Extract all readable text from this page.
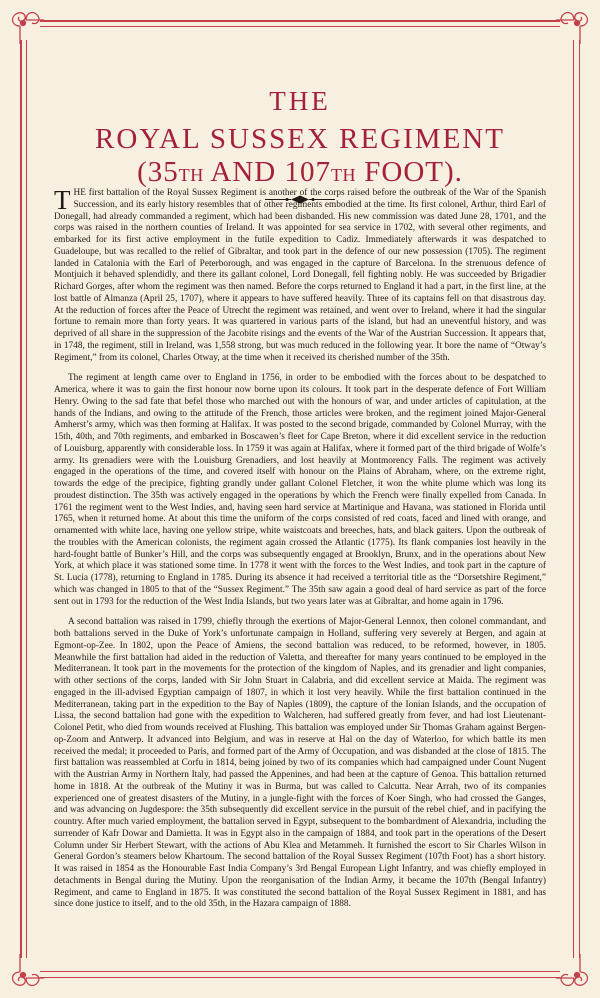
THE
ROYAL SUSSEX REGIMENT
(35TH AND 107TH FOOT).

THE first battalion of the Royal Sussex Regiment is another of the corps raised before the outbreak of the War of the Spanish Succession, and its early history resembles that of other regiments embodied at the time. Its first colonel, Arthur, third Earl of Donegall, had already commanded a regiment, which had been disbanded. His new commission was dated June 28, 1701, and the corps was raised in the northern counties of Ireland. It was appointed for sea service in 1702, with several other regiments, and embarked for its first active employment in the futile expedition to Cadiz. Immediately afterwards it was despatched to Guadeloupe, but was recalled to the relief of Gibraltar, and took part in the defence of our new possession (1705). The regiment landed in Catalonia with the Earl of Peterborough, and was engaged in the capture of Barcelona. In the strenuous defence of Montjuich it behaved splendidly, and there its gallant colonel, Lord Donegall, fell fighting nobly. He was succeeded by Brigadier Richard Gorges, after whom the regiment was then named. Before the corps returned to England it had a part, in the first line, at the lost battle of Almanza (April 25, 1707), where it appears to have suffered heavily. Three of its captains fell on that disastrous day. At the reduction of forces after the Peace of Utrecht the regiment was retained, and went over to Ireland, where it had the singular fortune to remain more than forty years. It was quartered in various parts of the island, but had an uneventful history, and was deprived of all share in the suppression of the Jacobite risings and the events of the War of the Austrian Succession. It appears that, in 1748, the regiment, still in Ireland, was 1,558 strong, but was much reduced in the following year. It bore the name of “Otway’s Regiment,” from its colonel, Charles Otway, at the time when it received its cherished number of the 35th.

The regiment at length came over to England in 1756, in order to be embodied with the forces about to be despatched to America, where it was to gain the first honour now borne upon its colours. It took part in the desperate defence of Fort William Henry. Owing to the sad fate that befel those who marched out with the honours of war, and under articles of capitulation, at the hands of the Indians, and owing to the attitude of the French, those articles were broken, and the regiment joined Major-General Amherst’s army, which was then forming at Halifax. It was posted to the second brigade, commanded by Colonel Murray, with the 15th, 40th, and 70th regiments, and embarked in Boscawen’s fleet for Cape Breton, where it did excellent service in the reduction of Louisburg, apparently with considerable loss. In 1759 it was again at Halifax, where it formed part of the third brigade of Wolfe’s army. Its grenadiers were with the Louisburg Grenadiers, and lost heavily at Montmorency Falls. The regiment was actively engaged in the operations of the time, and covered itself with honour on the Plains of Abraham, where, on the extreme right, towards the edge of the precipice, fighting grandly under gallant Colonel Fletcher, it won the white plume which was long its proudest distinction. The 35th was actively engaged in the operations by which the French were finally expelled from Canada. In 1761 the regiment went to the West Indies, and, having seen hard service at Martinique and Havana, was stationed in Florida until 1765, when it returned home. At about this time the uniform of the corps consisted of red coats, faced and lined with orange, and ornamented with white lace, having one yellow stripe, white waistcoats and breeches, hats, and black gaiters. Upon the outbreak of the troubles with the American colonists, the regiment again crossed the Atlantic (1775). Its flank companies lost heavily in the hard-fought battle of Bunker’s Hill, and the corps was subsequently engaged at Brooklyn, Brunx, and in the operations about New York, at which place it was stationed some time. In 1778 it went with the forces to the West Indies, and took part in the capture of St. Lucia (1778), returning to England in 1785. During its absence it had received a territorial title as the “Dorsetshire Regiment,” which was changed in 1805 to that of the “Sussex Regiment.” The 35th saw again a good deal of hard service as part of the force sent out in 1793 for the reduction of the West India Islands, but two years later was at Gibraltar, and home again in 1796.

A second battalion was raised in 1799, chiefly through the exertions of Major-General Lennox, then colonel commandant, and both battalions served in the Duke of York’s unfortunate campaign in Holland, suffering very severely at Bergen, and again at Egmont-op-Zee. In 1802, upon the Peace of Amiens, the second battalion was reduced, to be reformed, however, in 1805. Meanwhile the first battalion had aided in the reduction of Valetta, and thereafter for many years continued to be employed in the Mediterranean. It took part in the movements for the protection of the kingdom of Naples, and its grenadier and light companies, with other sections of the corps, landed with Sir John Stuart in Calabria, and did excellent service at Maida. The regiment was engaged in the ill-advised Egyptian campaign of 1807, in which it lost very heavily. While the first battalion continued in the Mediterranean, taking part in the expedition to the Bay of Naples (1809), the capture of the Ionian Islands, and the occupation of Lissa, the second battalion had gone with the expedition to Walcheren, had suffered greatly from fever, and had lost Lieutenant-Colonel Petit, who died from wounds received at Flushing. This battalion was employed under Sir Thomas Graham against Bergen-op-Zoom and Antwerp. It advanced into Belgium, and was in reserve at Hal on the day of Waterloo, for which battle its men received the medal; it proceeded to Paris, and formed part of the Army of Occupation, and was disbanded at the close of 1815. The first battalion was reassembled at Corfu in 1814, being joined by two of its companies which had campaigned under Count Nugent with the Austrian Army in Northern Italy, had passed the Appenines, and had been at the capture of Genoa. This battalion returned home in 1818. At the outbreak of the Mutiny it was in Burma, but was called to Calcutta. Near Arrah, two of its companies experienced one of greatest disasters of the Mutiny, in a jungle-fight with the forces of Koer Singh, who had crossed the Ganges, and was advancing on Jugdespore: the 35th subsequently did excellent service in the pursuit of the rebel chief, and in pacifying the country. After much varied employment, the battalion served in Egypt, subsequent to the bombardment of Alexandria, including the surrender of Kafr Dowar and Damietta. It was in Egypt also in the campaign of 1884, and took part in the operations of the Desert Column under Sir Herbert Stewart, with the actions of Abu Klea and Metammeh. It furnished the escort to Sir Charles Wilson in General Gordon’s steamers below Khartoum. The second battalion of the Royal Sussex Regiment (107th Foot) has a short history. It was raised in 1854 as the Honourable East India Company’s 3rd Bengal European Light Infantry, and was chiefly employed in detachments in Bengal during the Mutiny. Upon the reorganisation of the Indian Army, it became the 107th (Bengal Infantry) Regiment, and came to England in 1875. It was constituted the second battalion of the Royal Sussex Regiment in 1881, and has since done justice to itself, and to the old 35th, in the Hazara campaign of 1888.
